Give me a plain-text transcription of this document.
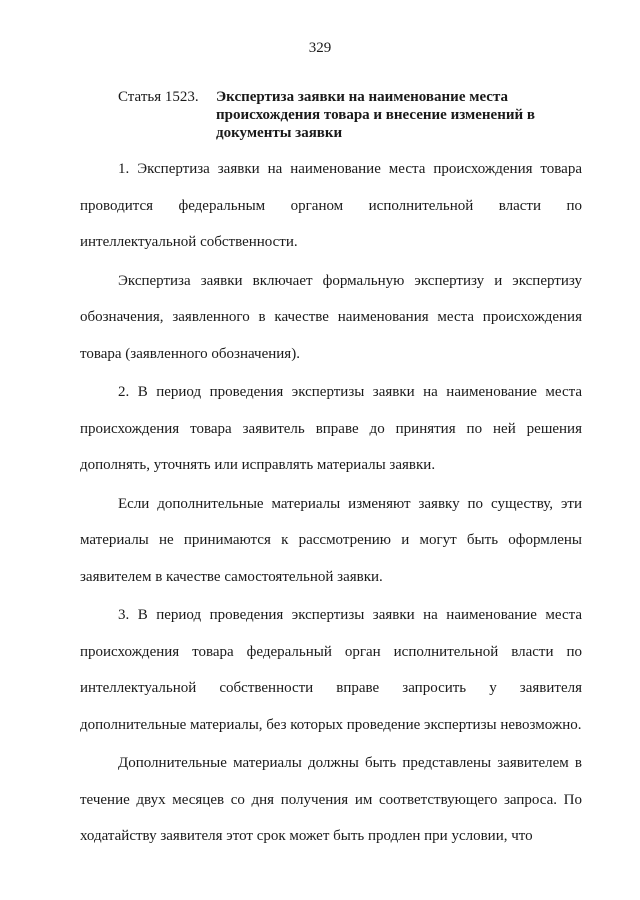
329
Статья 1523. Экспертиза заявки на наименование места происхождения товара и внесение изменений в документы заявки

1. Экспертиза заявки на наименование места происхождения товара проводится федеральным органом исполнительной власти по интеллектуальной собственности.

Экспертиза заявки включает формальную экспертизу и экспертизу обозначения, заявленного в качестве наименования места происхождения товара (заявленного обозначения).

2. В период проведения экспертизы заявки на наименование места происхождения товара заявитель вправе до принятия по ней решения дополнять, уточнять или исправлять материалы заявки.

Если дополнительные материалы изменяют заявку по существу, эти материалы не принимаются к рассмотрению и могут быть оформлены заявителем в качестве самостоятельной заявки.

3. В период проведения экспертизы заявки на наименование места происхождения товара федеральный орган исполнительной власти по интеллектуальной собственности вправе запросить у заявителя дополнительные материалы, без которых проведение экспертизы невозможно.

Дополнительные материалы должны быть представлены заявителем в течение двух месяцев со дня получения им соответствующего запроса. По ходатайству заявителя этот срок может быть продлен при условии, что
